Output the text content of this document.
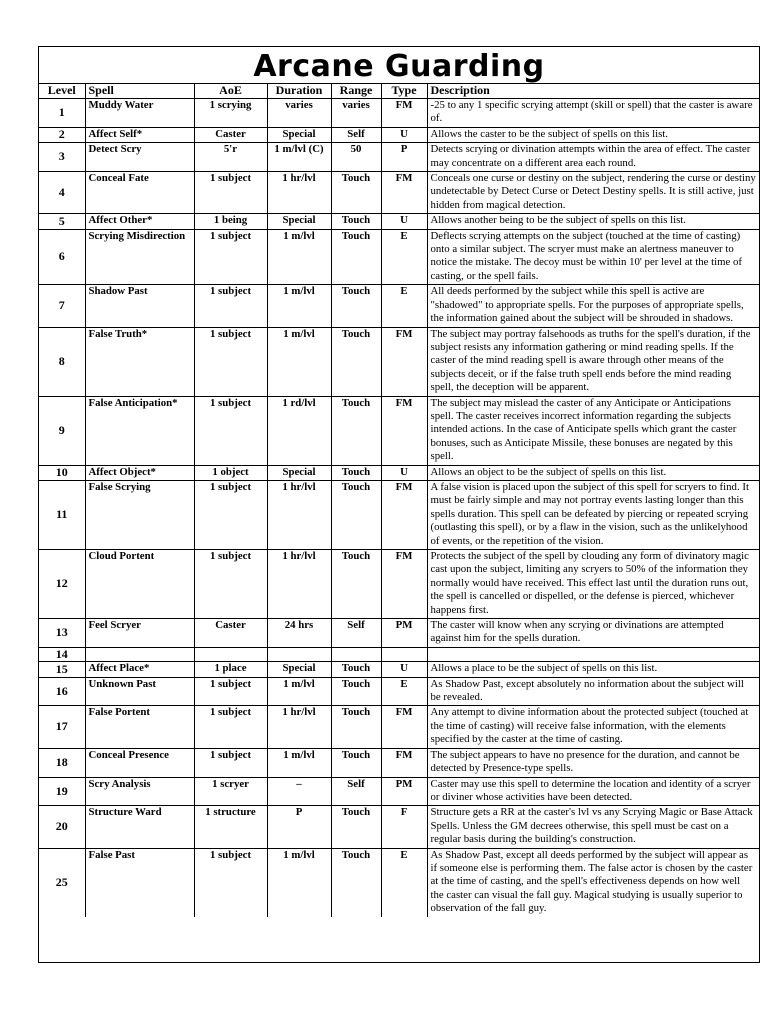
Arcane Guarding
Level	Spell	AoE	Duration	Range	Type	Description
1	Muddy Water	1 scrying	varies	varies	FM	-25 to any 1 specific scrying attempt (skill or spell) that the caster is aware of.
2	Affect Self*	Caster	Special	Self	U	Allows the caster to be the subject of spells on this list.
3	Detect Scry	5'r	1 m/lvl (C)	50	P	Detects scrying or divination attempts within the area of effect. The caster may concentrate on a different area each round.
4	Conceal Fate	1 subject	1 hr/lvl	Touch	FM	Conceals one curse or destiny on the subject, rendering the curse or destiny undetectable by Detect Curse or Detect Destiny spells. It is still active, just hidden from magical detection.
5	Affect Other*	1 being	Special	Touch	U	Allows another being to be the subject of spells on this list.
6	Scrying Misdirection	1 subject	1 m/lvl	Touch	E	Deflects scrying attempts on the subject (touched at the time of casting) onto a similar subject. The scryer must make an alertness maneuver to notice the mistake. The decoy must be within 10' per level at the time of casting, or the spell fails.
7	Shadow Past	1 subject	1 m/lvl	Touch	E	All deeds performed by the subject while this spell is active are "shadowed" to appropriate spells. For the purposes of appropriate spells, the information gained about the subject will be shrouded in shadows.
8	False Truth*	1 subject	1 m/lvl	Touch	FM	The subject may portray falsehoods as truths for the spell's duration, if the subject resists any information gathering or mind reading spells. If the caster of the mind reading spell is aware through other means of the subjects deceit, or if the false truth spell ends before the mind reading spell, the deception will be apparent.
9	False Anticipation*	1 subject	1 rd/lvl	Touch	FM	The subject may mislead the caster of any Anticipate or Anticipations spell. The caster receives incorrect information regarding the subjects intended actions. In the case of Anticipate spells which grant the caster bonuses, such as Anticipate Missile, these bonuses are negated by this spell.
10	Affect Object*	1 object	Special	Touch	U	Allows an object to be the subject of spells on this list.
11	False Scrying	1 subject	1 hr/lvl	Touch	FM	A false vision is placed upon the subject of this spell for scryers to find. It must be fairly simple and may not portray events lasting longer than this spells duration. This spell can be defeated by piercing or repeated scrying (outlasting this spell), or by a flaw in the vision, such as the unlikelyhood of events, or the repetition of the vision.
12	Cloud Portent	1 subject	1 hr/lvl	Touch	FM	Protects the subject of the spell by clouding any form of divinatory magic cast upon the subject, limiting any scryers to 50% of the information they normally would have received. This effect last until the duration runs out, the spell is cancelled or dispelled, or the defense is pierced, whichever happens first.
13	Feel Scryer	Caster	24 hrs	Self	PM	The caster will know when any scrying or divinations are attempted against him for the spells duration.
14						
15	Affect Place*	1 place	Special	Touch	U	Allows a place to be the subject of spells on this list.
16	Unknown Past	1 subject	1 m/lvl	Touch	E	As Shadow Past, except absolutely no information about the subject will be revealed.
17	False Portent	1 subject	1 hr/lvl	Touch	FM	Any attempt to divine information about the protected subject (touched at the time of casting) will receive false information, with the elements specified by the caster at the time of casting.
18	Conceal Presence	1 subject	1 m/lvl	Touch	FM	The subject appears to have no presence for the duration, and cannot be detected by Presence-type spells.
19	Scry Analysis	1 scryer	–	Self	PM	Caster may use this spell to determine the location and identity of a scryer or diviner whose activities have been detected.
20	Structure Ward	1 structure	P	Touch	F	Structure gets a RR at the caster's lvl vs any Scrying Magic or Base Attack Spells. Unless the GM decrees otherwise, this spell must be cast on a regular basis during the building's construction.
25	False Past	1 subject	1 m/lvl	Touch	E	As Shadow Past, except all deeds performed by the subject will appear as if someone else is performing them. The false actor is chosen by the caster at the time of casting, and the spell's effectiveness depends on how well the caster can visual the fall guy. Magical studying is usually superior to observation of the fall guy.
